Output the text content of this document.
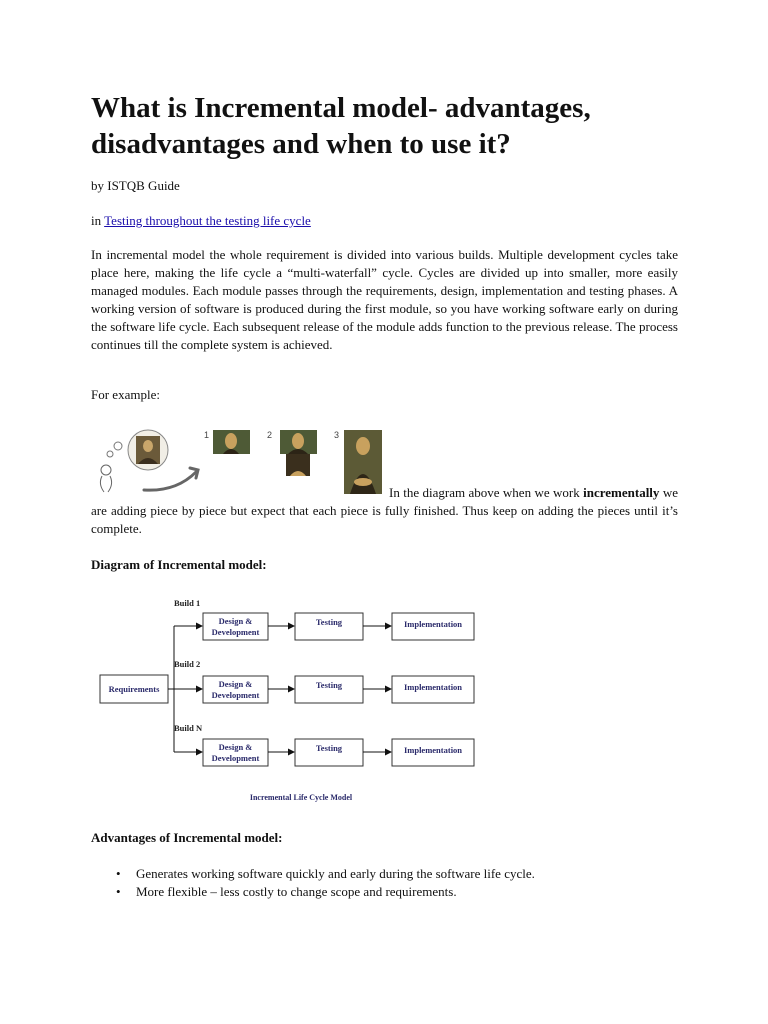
What is Incremental model- advantages, disadvantages and when to use it?
by ISTQB Guide
in Testing throughout the testing life cycle

In incremental model the whole requirement is divided into various builds. Multiple development cycles take place here, making the life cycle a “multi-waterfall” cycle. Cycles are divided up into smaller, more easily managed modules. Each module passes through the requirements, design, implementation and testing phases. A working version of software is produced during the first module, so you have working software early on during the software life cycle. Each subsequent release of the module adds function to the previous release. The process continues till the complete system is achieved.

For example:
1	2	3

In the diagram above when we work incrementally we are adding piece by piece but expect that each piece is fully finished. Thus keep on adding the pieces until it’s complete.

Diagram of Incremental model:

Requirements
Build 1
Design &
Development
Testing	Implementation
Build 2
Design &
Development
Testing	Implementation
Build N
Design &
Development
Testing	Implementation
Incremental Life Cycle Model

Advantages of Incremental model:

• Generates working software quickly and early during the software life cycle.
• More flexible – less costly to change scope and requirements.
